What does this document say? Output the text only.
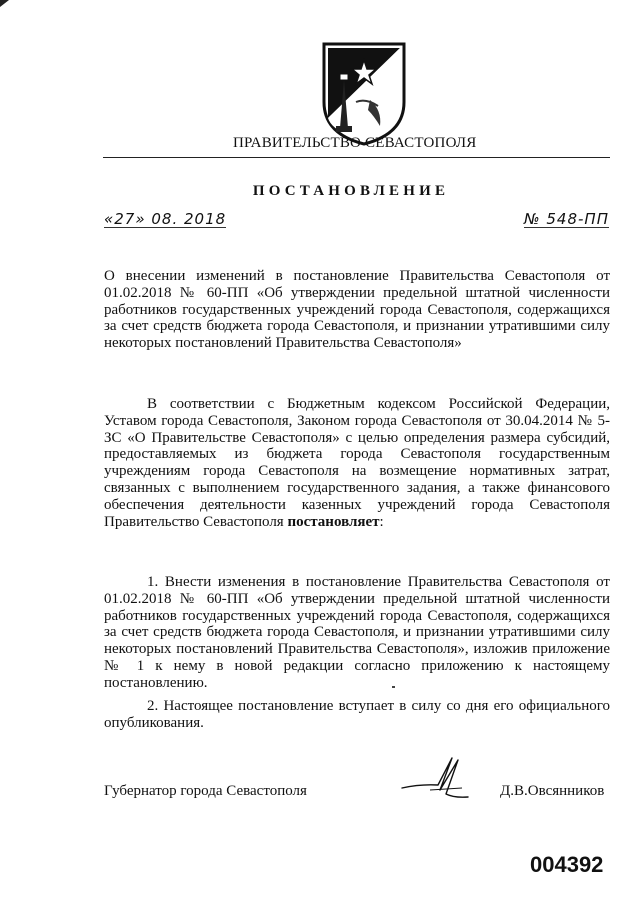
ПРАВИТЕЛЬСТВО СЕВАСТОПОЛЯ
ПОСТАНОВЛЕНИЕ
«27» 08. 2018	№ 548-ПП
О внесении изменений в постановление Правительства Севастополя от 01.02.2018 № 60-ПП «Об утверждении предельной штатной численности работников государственных учреждений города Севастополя, содержащихся за счет средств бюджета города Севастополя, и признании утратившими силу некоторых постановлений Правительства Севастополя»
В соответствии с Бюджетным кодексом Российской Федерации, Уставом города Севастополя, Законом города Севастополя от 30.04.2014 № 5-ЗС «О Правительстве Севастополя» с целью определения размера субсидий, предоставляемых из бюджета города Севастополя государственным учреждениям города Севастополя на возмещение нормативных затрат, связанных с выполнением государственного задания, а также финансового обеспечения деятельности казенных учреждений города Севастополя Правительство Севастополя постановляет:
1. Внести изменения в постановление Правительства Севастополя от 01.02.2018 № 60-ПП «Об утверждении предельной штатной численности работников государственных учреждений города Севастополя, содержащихся за счет средств бюджета города Севастополя, и признании утратившими силу некоторых постановлений Правительства Севастополя», изложив приложение № 1 к нему в новой редакции согласно приложению к настоящему постановлению.
2. Настоящее постановление вступает в силу со дня его официального опубликования.
Губернатор города Севастополя	Д.В.Овсянников
004392
